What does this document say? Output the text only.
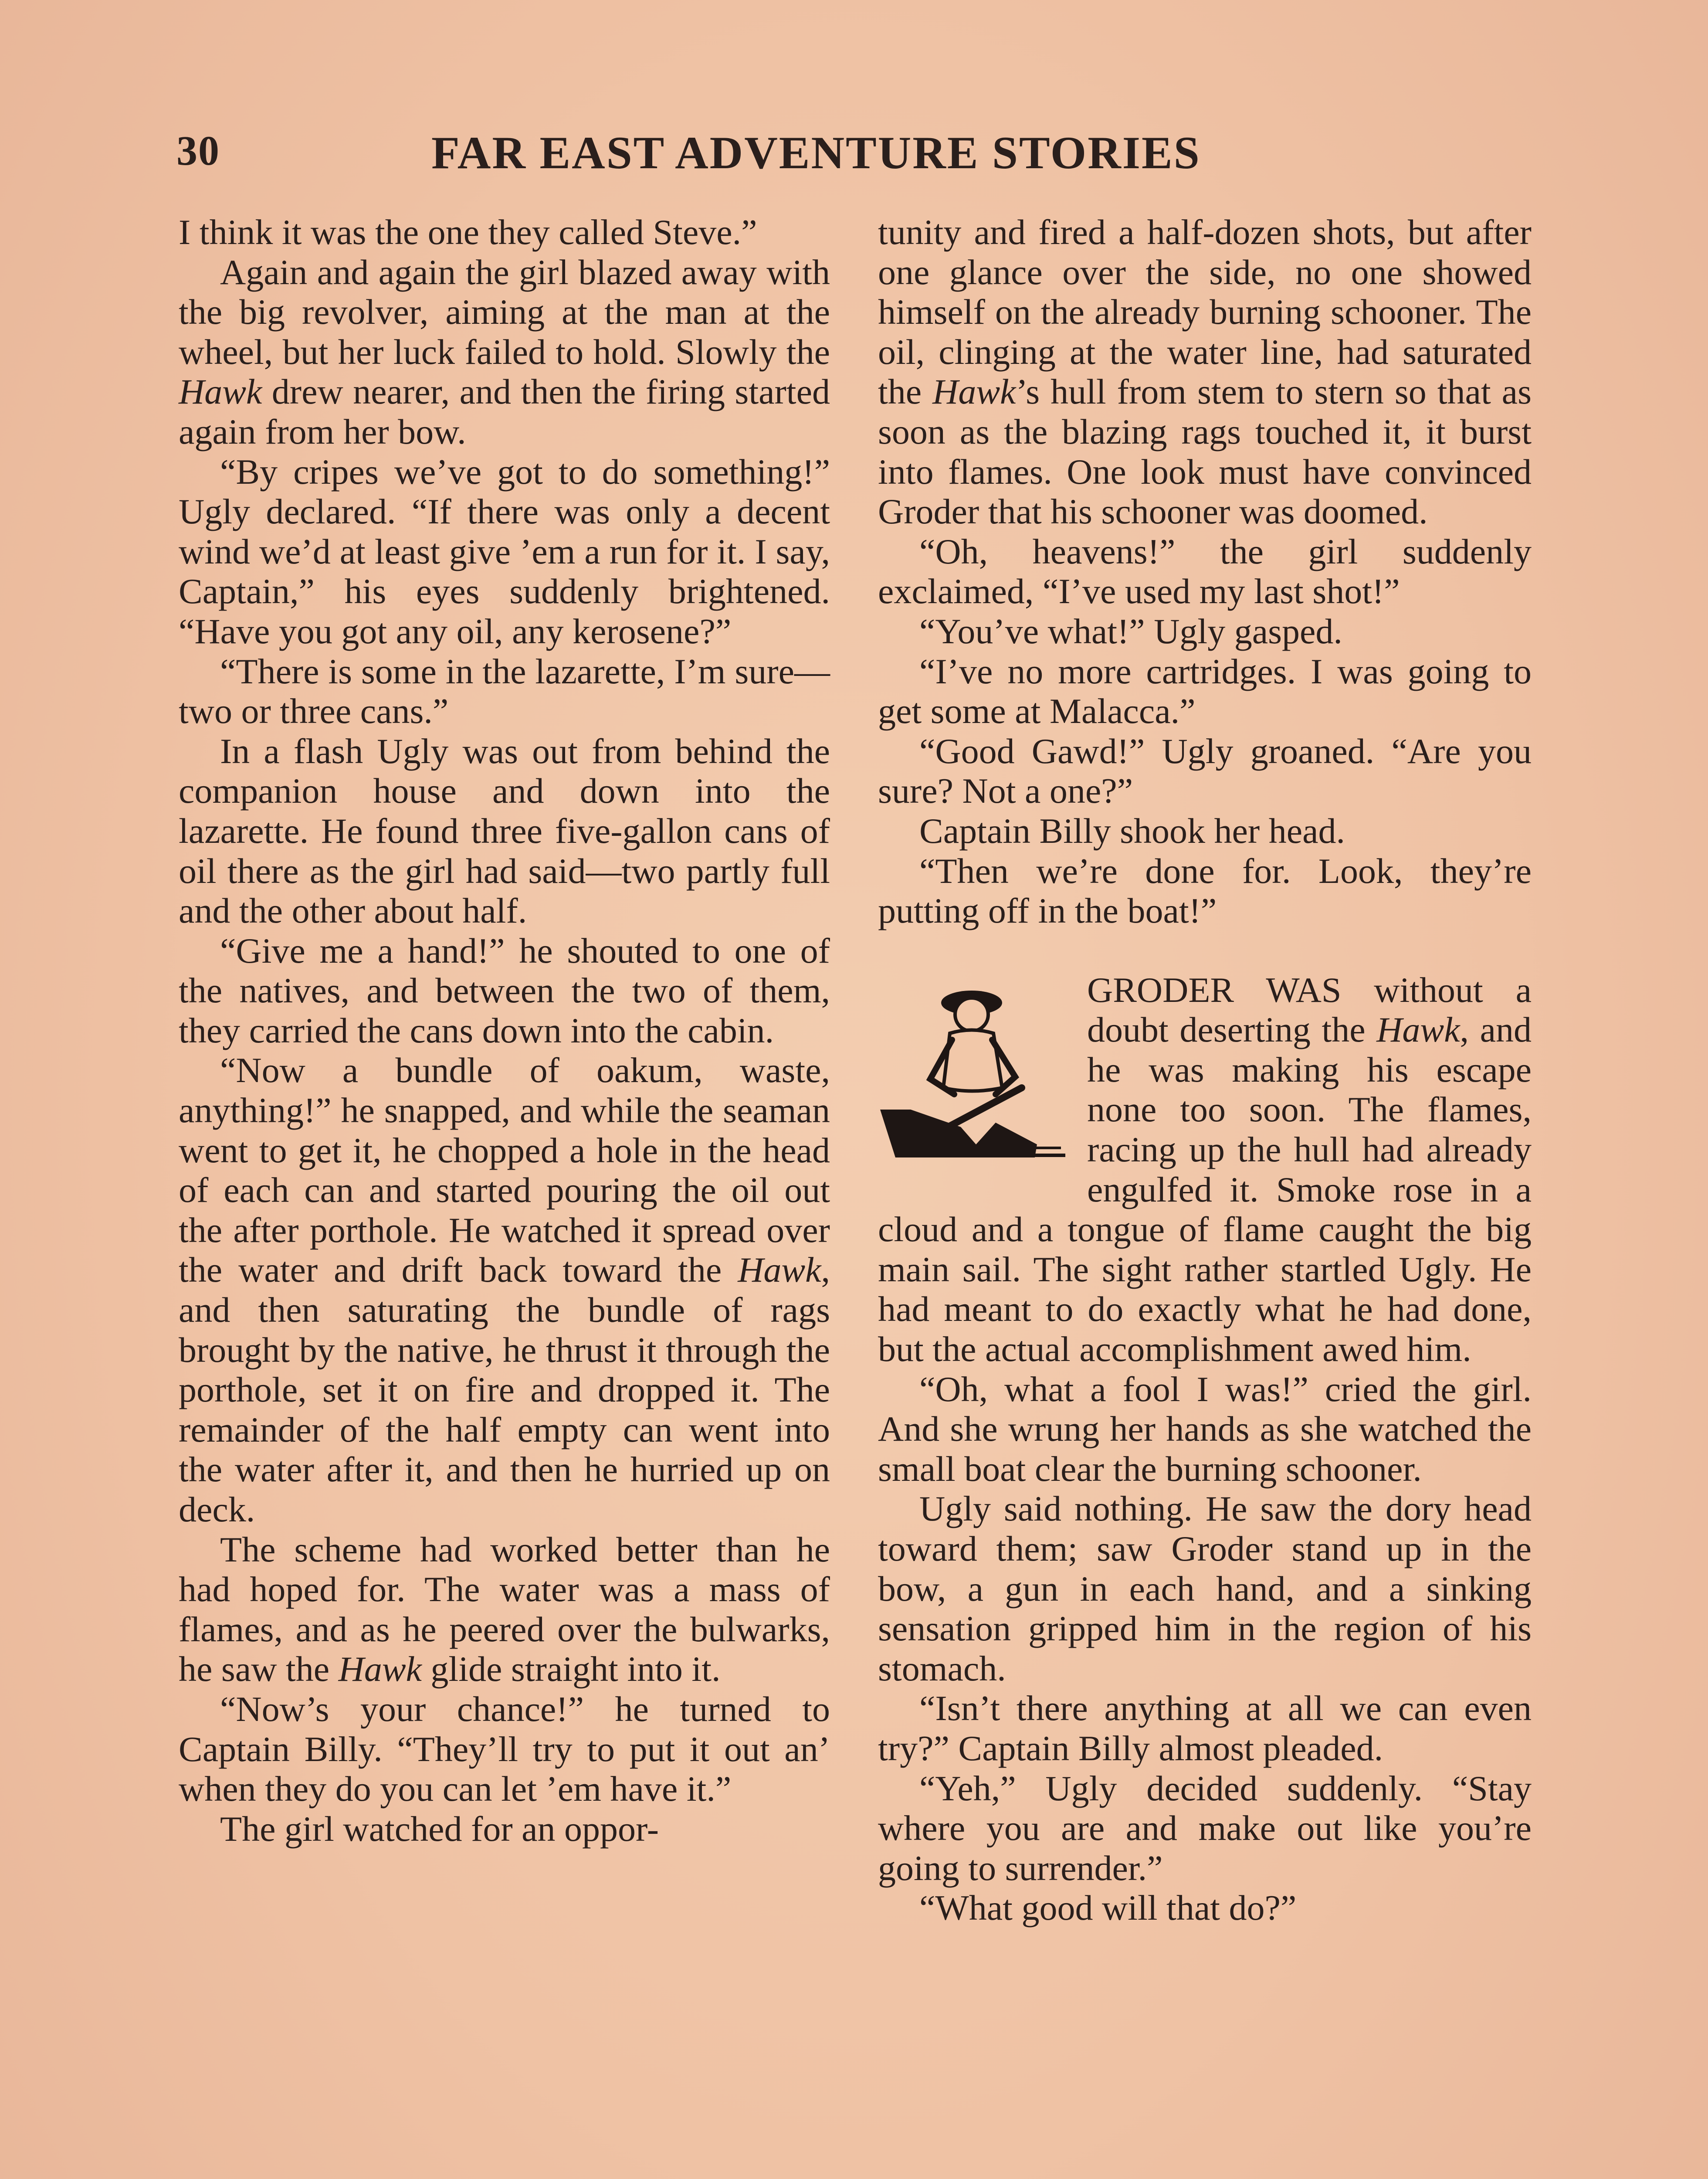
30	FAR EAST ADVENTURE STORIES

I think it was the one they called Steve.”

Again and again the girl blazed away with the big revolver, aiming at the man at the wheel, but her luck failed to hold. Slowly the Hawk drew nearer, and then the firing started again from her bow.

“By cripes we’ve got to do something!” Ugly declared. “If there was only a decent wind we’d at least give ’em a run for it. I say, Captain,” his eyes suddenly brightened. “Have you got any oil, any kerosene?”

“There is some in the lazarette, I’m sure—two or three cans.”

In a flash Ugly was out from behind the companion house and down into the lazarette. He found three five-gallon cans of oil there as the girl had said—two partly full and the other about half.

“Give me a hand!” he shouted to one of the natives, and between the two of them, they carried the cans down into the cabin.

“Now a bundle of oakum, waste, anything!” he snapped, and while the seaman went to get it, he chopped a hole in the head of each can and started pouring the oil out the after porthole. He watched it spread over the water and drift back toward the Hawk, and then saturating the bundle of rags brought by the native, he thrust it through the porthole, set it on fire and dropped it. The remainder of the half empty can went into the water after it, and then he hurried up on deck.

The scheme had worked better than he had hoped for. The water was a mass of flames, and as he peered over the bulwarks, he saw the Hawk glide straight into it.

“Now’s your chance!” he turned to Captain Billy. “They’ll try to put it out an’ when they do you can let ’em have it.”

The girl watched for an oppor-

tunity and fired a half-dozen shots, but after one glance over the side, no one showed himself on the already burning schooner. The oil, clinging at the water line, had saturated the Hawk’s hull from stem to stern so that as soon as the blazing rags touched it, it burst into flames. One look must have convinced Groder that his schooner was doomed.

“Oh, heavens!” the girl suddenly exclaimed, “I’ve used my last shot!”

“You’ve what!” Ugly gasped.

“I’ve no more cartridges. I was going to get some at Malacca.”

“Good Gawd!” Ugly groaned. “Are you sure? Not a one?”

Captain Billy shook her head.

“Then we’re done for. Look, they’re putting off in the boat!”

GRODER WAS without a doubt deserting the Hawk, and he was making his escape none too soon. The flames, racing up the hull had already engulfed it. Smoke rose in a cloud and a tongue of flame caught the big main sail. The sight rather startled Ugly. He had meant to do exactly what he had done, but the actual accomplishment awed him.

“Oh, what a fool I was!” cried the girl. And she wrung her hands as she watched the small boat clear the burning schooner.

Ugly said nothing. He saw the dory head toward them; saw Groder stand up in the bow, a gun in each hand, and a sinking sensation gripped him in the region of his stomach.

“Isn’t there anything at all we can even try?” Captain Billy almost pleaded.

“Yeh,” Ugly decided suddenly. “Stay where you are and make out like you’re going to surrender.”

“What good will that do?”
